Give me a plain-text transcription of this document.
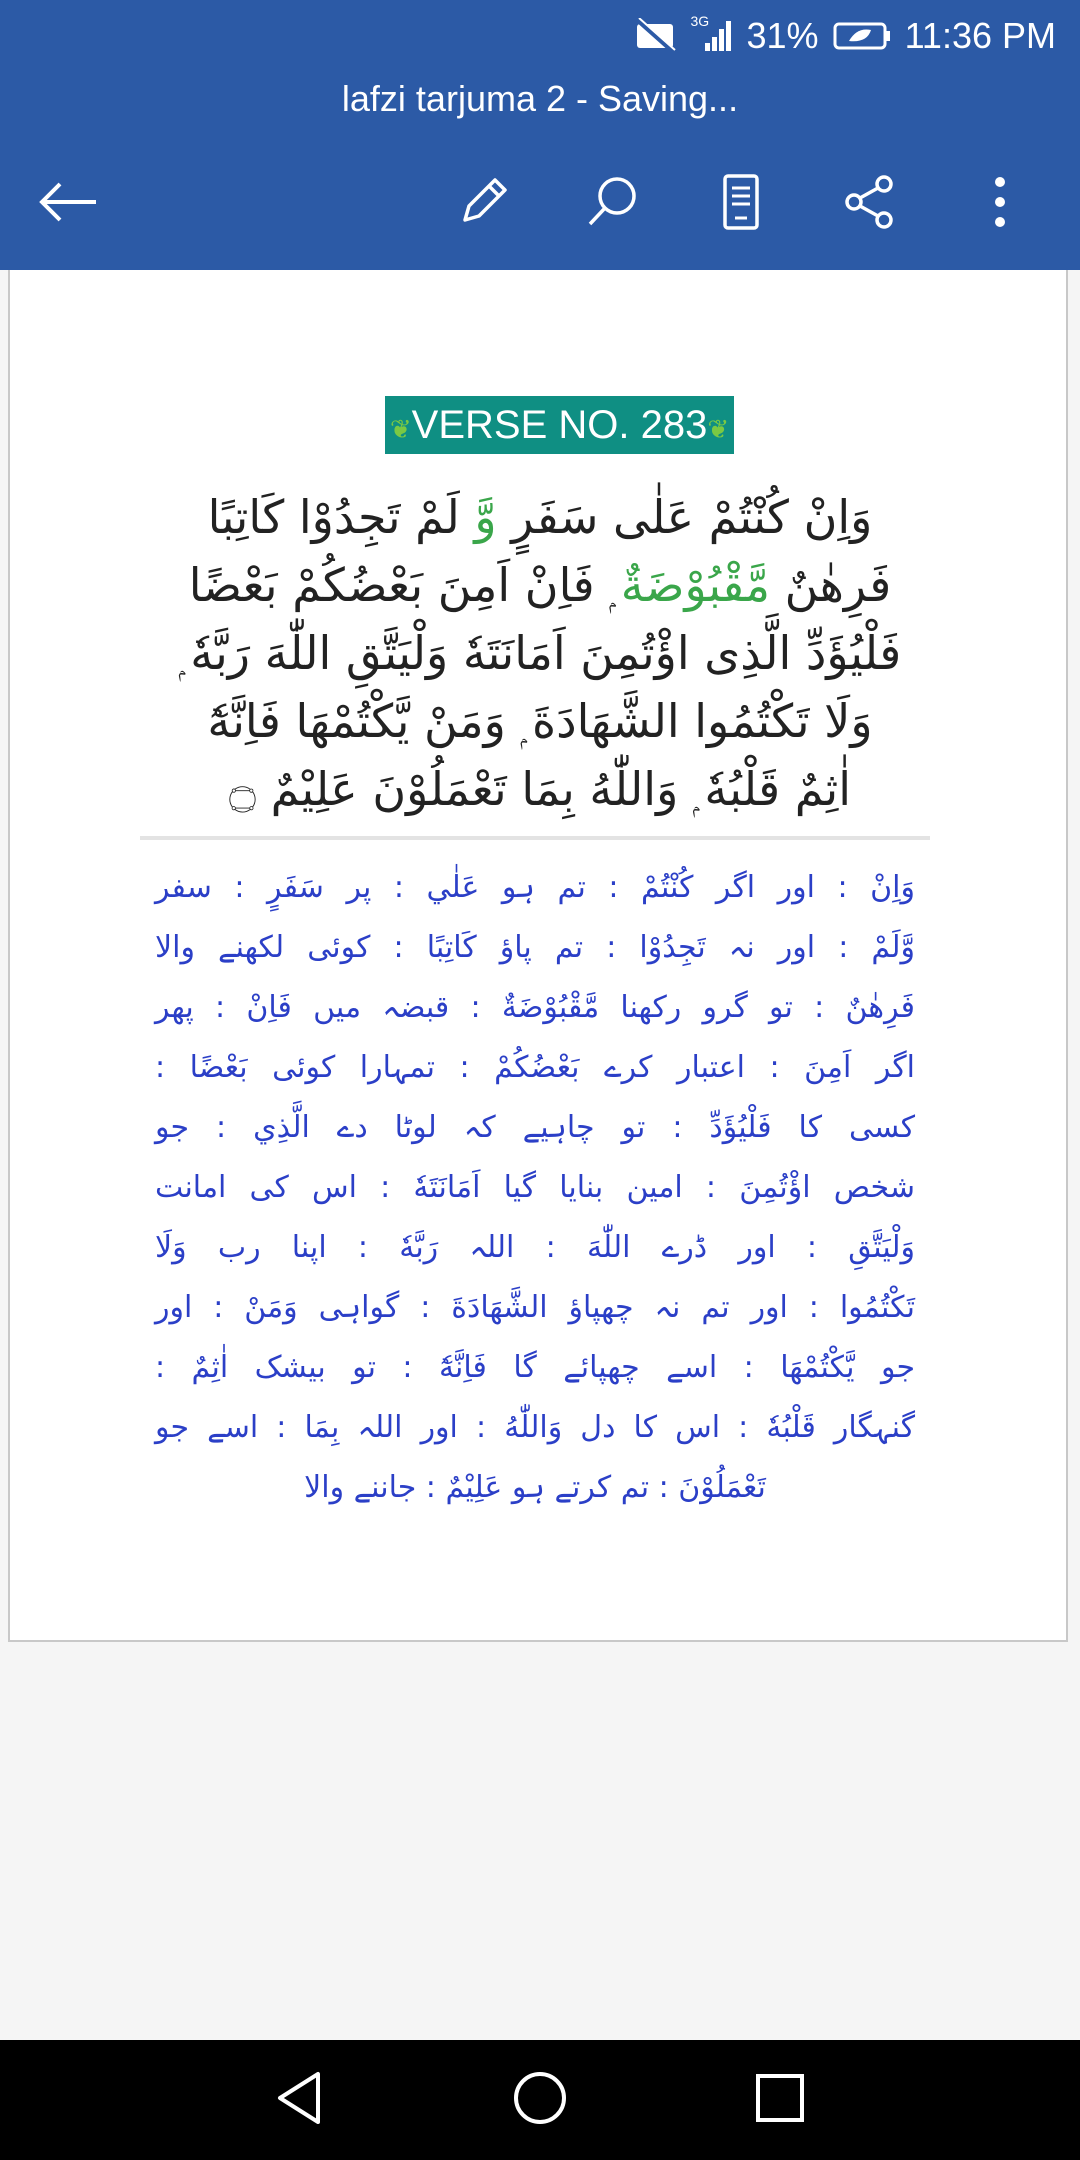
3G 31% 11:36 PM
lafzi tarjuma 2 - Saving...
❦VERSE NO. 283❦
وَاِنْ كُنْتُمْ عَلٰى سَفَرٍ وَّ لَمْ تَجِدُوْا كَاتِبًا
فَرِهٰنٌ مَّقْبُوْضَةٌ ۭ فَاِنْ اَمِنَ بَعْضُكُمْ بَعْضًا
فَلْيُؤَدِّ الَّذِى اؤْتُمِنَ اَمَانَتَهٗ وَلْيَتَّقِ اللّٰهَ رَبَّهٗ ۭ
وَلَا تَكْتُمُوا الشَّهَادَةَ ۭ وَمَنْ يَّكْتُمْهَا فَاِنَّهٗٓ
اٰثِمٌ قَلْبُهٗ ۭ وَاللّٰهُ بِمَا تَعْمَلُوْنَ عَلِيْمٌ ۝
وَاِنْ : اور اگر كُنْتُمْ : تم ہو عَلٰي : پر سَفَرٍ : سفر
وَّلَمْ : اور نہ تَجِدُوْا : تم پاؤ كَاتِبًا : کوئی لکھنے والا
فَرِھٰنٌ : تو گرو رکھنا مَّقْبُوْضَةٌ : قبضہ میں فَاِنْ : پھر
اگر اَمِنَ : اعتبار کرے بَعْضُكُمْ : تمہارا کوئی بَعْضًا :
کسی کا فَلْيُؤَدِّ : تو چاہیے کہ لوٹا دے الَّذِي : جو
شخص اؤْتُمِنَ : امین بنایا گیا اَمَانَتَهٗ : اس کی امانت
وَلْيَتَّقِ : اور ڈرے اللّٰهَ : اللہ رَبَّهٗ : اپنا رب وَلَا
تَكْتُمُوا : اور تم نہ چھپاؤ الشَّهَادَةَ : گواہی وَمَنْ : اور
جو يَّكْتُمْهَا : اسے چھپائے گا فَاِنَّهٗٓ : تو بیشک اٰثِمٌ :
گنہگار قَلْبُهٗ : اس کا دل وَاللّٰهُ : اور اللہ بِمَا : اسے جو
تَعْمَلُوْنَ : تم کرتے ہو عَلِيْمٌ : جاننے والا
